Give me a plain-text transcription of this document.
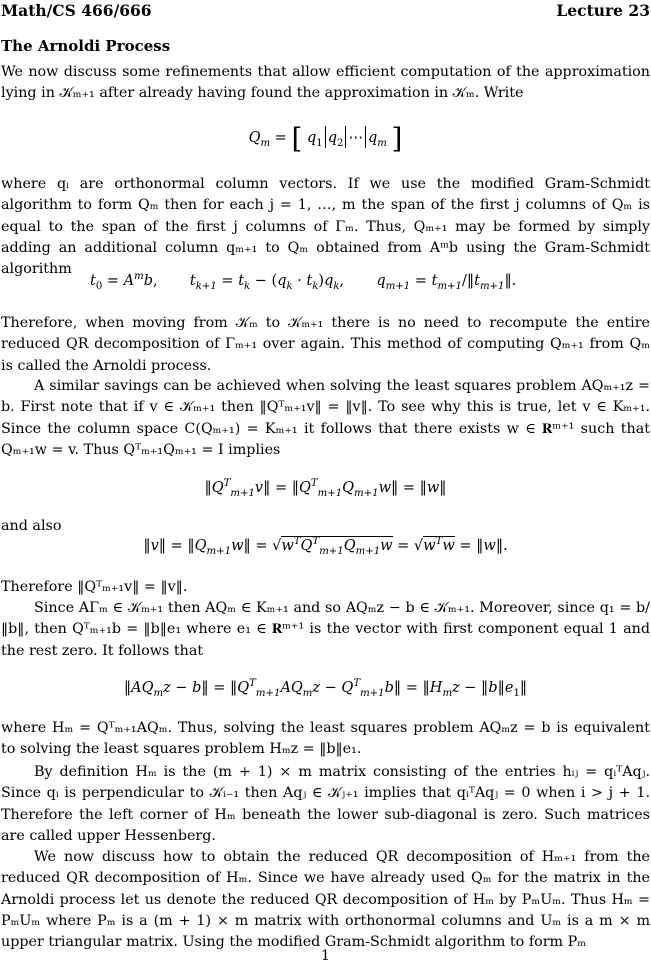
Math/CS 466/666	Lecture 23
The Arnoldi Process
We now discuss some refinements that allow efficient computation of the approximation lying in 𝒦ₘ₊₁ after already having found the approximation in 𝒦ₘ. Write
$Q_m$ = [ $q_1$ $q_2$ ⋯ $q_m$ ]
where qᵢ are orthonormal column vectors. If we use the modified Gram-Schmidt algorithm to form Qₘ then for each j = 1, …, m the span of the first j columns of Qₘ is equal to the span of the first j columns of Γₘ. Thus, Qₘ₊₁ may be formed by simply adding an additional column qₘ₊₁ to Qₘ obtained from Aᵐb using the Gram-Schmidt algorithm
$t_0 = A^mb$,       $t_{k+1} = t_k - (q_k \cdot t_k)q_k$,       $q_{m+1}$ = $t_{m+1}/‖t_{m+1}‖$.
Therefore, when moving from 𝒦ₘ to 𝒦ₘ₊₁ there is no need to recompute the entire reduced QR decomposition of Γₘ₊₁ over again. This method of computing Qₘ₊₁ from Qₘ is called the Arnoldi process.
A similar savings can be achieved when solving the least squares problem AQₘ₊₁z = b. First note that if v ∈ 𝒦ₘ₊₁ then ‖Qᵀₘ₊₁v‖ = ‖v‖. To see why this is true, let v ∈ Kₘ₊₁. Since the column space C(Qₘ₊₁) = Kₘ₊₁ it follows that there exists w ∈ 𝐑ᵐ⁺¹ such that Qₘ₊₁w = v. Thus Qᵀₘ₊₁Qₘ₊₁ = I implies
$‖Q^T_{m+1}v‖$ = $‖Q^T_{m+1}Q_{m+1}w‖$ = ‖w‖
and also
‖v‖ = $‖Q_{m+1}w‖ = √w^TQ^T_{m+1}Q_{m+1}w = √w^Tw$ = ‖w‖.
Therefore ‖Qᵀₘ₊₁v‖ = ‖v‖.
Since AΓₘ ∈ 𝒦ₘ₊₁ then AQₘ ∈ Kₘ₊₁ and so AQₘz − b ∈ 𝒦ₘ₊₁. Moreover, since q₁ = b/‖b‖, then Qᵀₘ₊₁b = ‖b‖e₁ where e₁ ∈ 𝐑ᵐ⁺¹ is the vector with first component equal 1 and the rest zero. It follows that
$‖AQ_mz$ − b‖ = $‖Q^T_{m+1}AQ_mz$ − $Q^T_{m+1}b‖$ = $‖H_mz$ − $‖b‖e_1‖$
where Hₘ = Qᵀₘ₊₁AQₘ. Thus, solving the least squares problem AQₘz = b is equivalent to solving the least squares problem Hₘz = ‖b‖e₁.
By definition Hₘ is the (m + 1) × m matrix consisting of the entries hᵢⱼ = qᵢᵀAqⱼ. Since qᵢ is perpendicular to 𝒦ᵢ₋₁ then Aqⱼ ∈ 𝒦ⱼ₊₁ implies that qᵢᵀAqⱼ = 0 when i > j + 1. Therefore the left corner of Hₘ beneath the lower sub-diagonal is zero. Such matrices are called upper Hessenberg.
We now discuss how to obtain the reduced QR decomposition of Hₘ₊₁ from the reduced QR decomposition of Hₘ. Since we have already used Qₘ for the matrix in the Arnoldi process let us denote the reduced QR decomposition of Hₘ by PₘUₘ. Thus Hₘ = PₘUₘ where Pₘ is a (m + 1) × m matrix with orthonormal columns and Uₘ is a m × m upper triangular matrix. Using the modified Gram-Schmidt algorithm to form Pₘ
1
